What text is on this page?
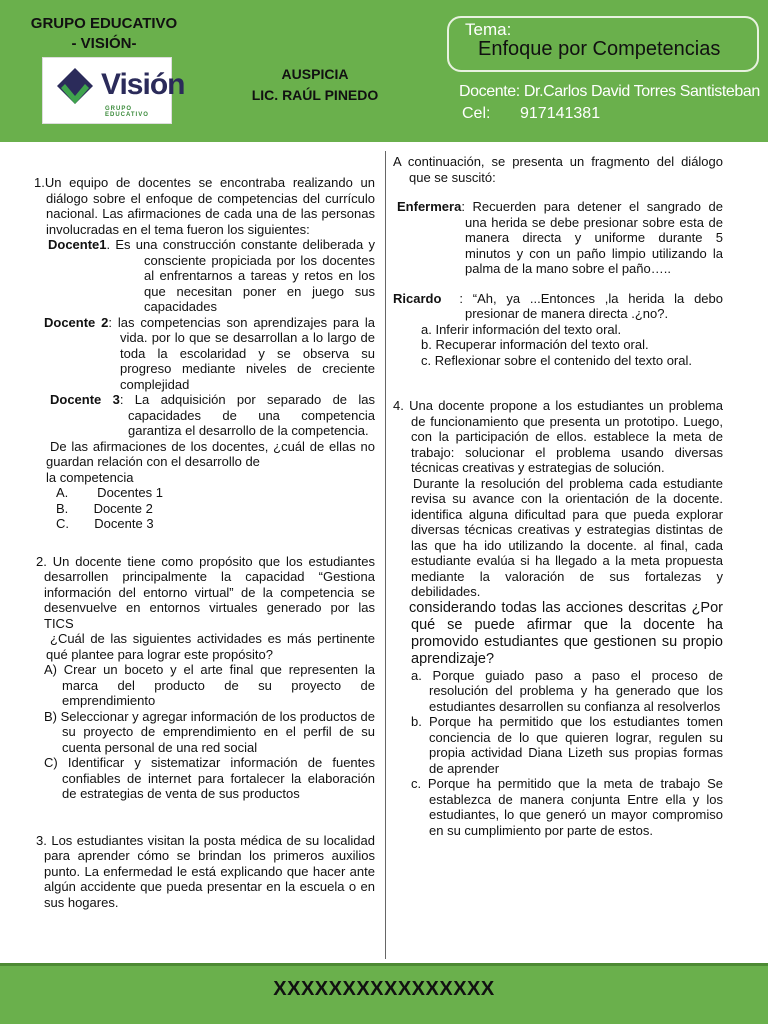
GRUPO EDUCATIVO
- VISIÓN-
Visión
GRUPO EDUCATIVO
AUSPICIA
LIC. RAÚL PINEDO
Tema:
Enfoque por Competencias
Docente: Dr.Carlos David Torres Santisteban
Cel: 917141381

1.Un equipo de docentes se encontraba realizando un diálogo sobre el enfoque de competencias del currículo nacional. Las afirmaciones de cada una de las personas involucradas en el tema fueron los siguientes:

Docente1. Es una construcción constante deliberada y consciente propiciada por los docentes al enfrentarnos a tareas y retos en los que necesitan poner en juego sus capacidades

Docente 2: las competencias son aprendizajes para la vida. por lo que se desarrollan a lo largo de toda la escolaridad y se observa su progreso mediante niveles de creciente complejidad

Docente 3: La adquisición por separado de las capacidades de una competencia garantiza el desarrollo de la competencia.

De las afirmaciones de los docentes, ¿cuál de ellas no guardan relación con el desarrollo de

la competencia

A.        Docentes 1

B.       Docente 2

C.       Docente 3

2. Un docente tiene como propósito que los estudiantes desarrollen principalmente la capacidad “Gestiona información del entorno virtual” de la competencia se desenvuelve en entornos virtuales generado por las TICS

¿Cuál de las siguientes actividades es más pertinente qué plantee para lograr este propósito?

A) Crear un boceto y el arte final que representen la marca del producto de su proyecto de emprendimiento

B) Seleccionar y agregar información de los productos de su proyecto de emprendimiento en el perfil de su cuenta personal de una red social

C) Identificar y sistematizar información de fuentes confiables de internet para fortalecer la elaboración de estrategias de venta de sus productos

3. Los estudiantes visitan la posta médica de su localidad para aprender cómo se brindan los primeros auxilios punto. La enfermedad le está explicando que hacer ante algún accidente que pueda presentar en la escuela o en sus hogares.

A continuación, se presenta un fragmento del diálogo que se suscitó:

Enfermera: Recuerden para detener el sangrado de una herida se debe presionar sobre esta de manera directa y uniforme durante 5 minutos y con un paño limpio utilizando la palma de la mano sobre el paño…..

Ricardo : “Ah, ya ...Entonces ,la herida la debo presionar de manera directa .¿no?.

a. Inferir información del texto oral.

b. Recuperar información del texto oral.

c. Reflexionar sobre el contenido del texto oral.

4. Una docente propone a los estudiantes un problema de funcionamiento que presenta un prototipo. Luego, con la participación de ellos. establece la meta de trabajo: solucionar el problema usando diversas técnicas creativas y estrategias de solución.

Durante la resolución del problema cada estudiante revisa su avance con la orientación de la docente. identifica alguna dificultad para que pueda explorar diversas técnicas creativas y estrategias distintas de las que ha ido utilizando la docente. al final, cada estudiante evalúa si ha llegado a la meta propuesta mediante la valoración de sus fortalezas y debilidades.

considerando todas las acciones descritas ¿Por qué se puede afirmar que la docente ha promovido estudiantes que gestionen su propio aprendizaje?

a. Porque guiado paso a paso el proceso de resolución del problema y ha generado que los estudiantes desarrollen su confianza al resolverlos

b. Porque ha permitido que los estudiantes tomen conciencia de lo que quieren lograr, regulen su propia actividad Diana Lizeth sus propias formas de aprender

c. Porque ha permitido que la meta de trabajo Se establezca de manera conjunta Entre ella y los estudiantes, lo que generó un mayor compromiso en su cumplimiento por parte de estos.

XXXXXXXXXXXXXXXX
